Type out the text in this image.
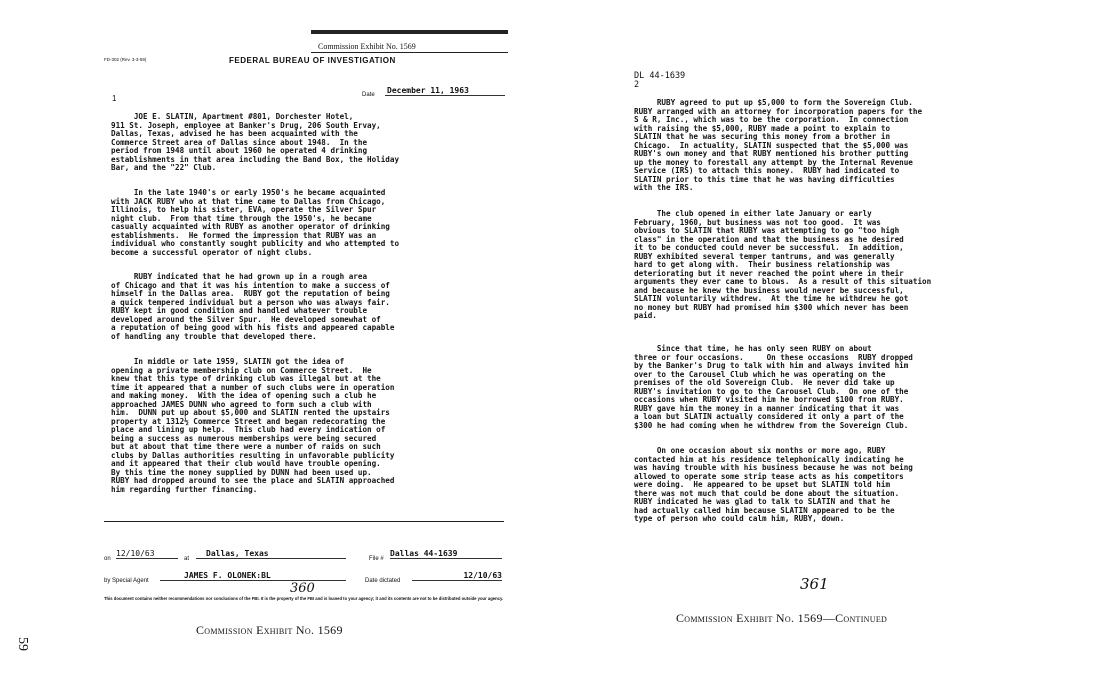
Commission Exhibit No. 1569
FD-302 (Rev. 3-3-59)	FEDERAL BUREAU OF INVESTIGATION
1	Date December 11, 1963
JOE E. SLATIN, Apartment #801, Dorchester Hotel,
911 St. Joseph, employee at Banker's Drug, 206 South Ervay,
Dallas, Texas, advised he has been acquainted with the
Commerce Street area of Dallas since about 1948.  In the
period from 1948 until about 1960 he operated 4 drinking
establishments in that area including the Band Box, the Holiday
Bar, and the "22" Club.
In the late 1940's or early 1950's he became acquainted
with JACK RUBY who at that time came to Dallas from Chicago,
Illinois, to help his sister, EVA, operate the Silver Spur
night club.  From that time through the 1950's, he became
casually acquainted with RUBY as another operator of drinking
establishments.  He formed the impression that RUBY was an
individual who constantly sought publicity and who attempted to
become a successful operator of night clubs.
RUBY indicated that he had grown up in a rough area
of Chicago and that it was his intention to make a success of
himself in the Dallas area.  RUBY got the reputation of being
a quick tempered individual but a person who was always fair.
RUBY kept in good condition and handled whatever trouble
developed around the Silver Spur.  He developed somewhat of
a reputation of being good with his fists and appeared capable
of handling any trouble that developed there.
In middle or late 1959, SLATIN got the idea of
opening a private membership club on Commerce Street.  He
knew that this type of drinking club was illegal but at the
time it appeared that a number of such clubs were in operation
and making money.  With the idea of opening such a club he
approached JAMES DUNN who agreed to form such a club with
him.  DUNN put up about $5,000 and SLATIN rented the upstairs
property at 1312½ Commerce Street and began redecorating the
place and lining up help.  This club had every indication of
being a success as numerous memberships were being secured
but at about that time there were a number of raids on such
clubs by Dallas authorities resulting in unfavorable publicity
and it appeared that their club would have trouble opening.
By this time the money supplied by DUNN had been used up.
RUBY had dropped around to see the place and SLATIN approached
him regarding further financing.
on
12/10/63
at
Dallas, Texas
File #
Dallas 44-1639
by Special Agent
JAMES F. OLONEK:BL
Date dictated
12/10/63
360
This document contains neither recommendations nor conclusions of the FBI. It is the property of the FBI and is loaned to your agency; it and its contents are not to be distributed outside your agency.
Commission Exhibit No. 1569
59
DL 44-1639
2
RUBY agreed to put up $5,000 to form the Sovereign Club.
RUBY arranged with an attorney for incorporation papers for the
S & R, Inc., which was to be the corporation.  In connection
with raising the $5,000, RUBY made a point to explain to
SLATIN that he was securing this money from a brother in
Chicago.  In actuality, SLATIN suspected that the $5,000 was
RUBY's own money and that RUBY mentioned his brother putting
up the money to forestall any attempt by the Internal Revenue
Service (IRS) to attach this money.  RUBY had indicated to
SLATIN prior to this time that he was having difficulties
with the IRS.
The club opened in either late January or early
February, 1960, but business was not too good.  It was
obvious to SLATIN that RUBY was attempting to go "too high
class" in the operation and that the business as he desired
it to be conducted could never be successful.  In addition,
RUBY exhibited several temper tantrums, and was generally
hard to get along with.  Their business relationship was
deteriorating but it never reached the point where in their
arguments they ever came to blows.  As a result of this situation
and because he knew the business would never be successful,
SLATIN voluntarily withdrew.  At the time he withdrew he got
no money but RUBY had promised him $300 which never has been
paid.
Since that time, he has only seen RUBY on about
three or four occasions.     On these occasions  RUBY dropped
by the Banker's Drug to talk with him and always invited him
over to the Carousel Club which he was operating on the
premises of the old Sovereign Club.  He never did take up
RUBY's invitation to go to the Carousel Club.  On one of the
occasions when RUBY visited him he borrowed $100 from RUBY.
RUBY gave him the money in a manner indicating that it was
a loan but SLATIN actually considered it only a part of the
$300 he had coming when he withdrew from the Sovereign Club.
On one occasion about six months or more ago, RUBY
contacted him at his residence telephonically indicating he
was having trouble with his business because he was not being
allowed to operate some strip tease acts as his competitors
were doing.  He appeared to be upset but SLATIN told him
there was not much that could be done about the situation.
RUBY indicated he was glad to talk to SLATIN and that he
had actually called him because SLATIN appeared to be the
type of person who could calm him, RUBY, down.
361
Commission Exhibit No. 1569—Continued
